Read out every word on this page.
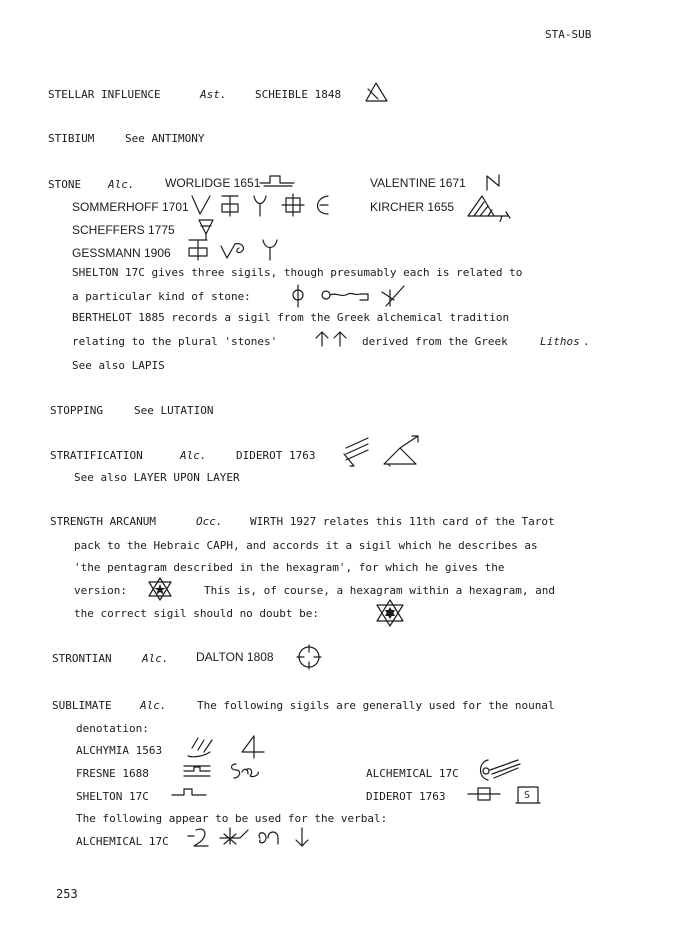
STA-SUB
253
STELLAR INFLUENCE	Ast.	SCHEIBLE 1848
STIBIUM	See ANTIMONY
STONE Alc.	WORLIDGE 1651	VALENTINE 1671
SOMMERHOFF 1701	KIRCHER 1655
SCHEFFERS 1775
GESSMANN 1906
SHELTON 17C gives three sigils, though presumably each is related to
a particular kind of stone:
BERTHELOT 1885 records a sigil from the Greek alchemical tradition
relating to the plural 'stones'	derived from the Greek	Lithos .
See also LAPIS
STOPPING	See LUTATION
STRATIFICATION	Alc.	DIDEROT 1763
See also LAYER UPON LAYER
STRENGTH ARCANUM	Occ.	WIRTH 1927 relates this 11th card of the Tarot
pack to the Hebraic CAPH, and accords it a sigil which he describes as
'the pentagram described in the hexagram', for which he gives the
version:	This is, of course, a hexagram within a hexagram, and
the correct sigil should no doubt be:
STRONTIAN	Alc. DALTON 1808
SUBLIMATE	Alc.	The following sigils are generally used for the nounal
denotation:
ALCHYMIA 1563
FRESNE 1688	ALCHEMICAL 17C
SHELTON 17C	DIDEROT 1763	S
The following appear to be used for the verbal:
ALCHEMICAL 17C
